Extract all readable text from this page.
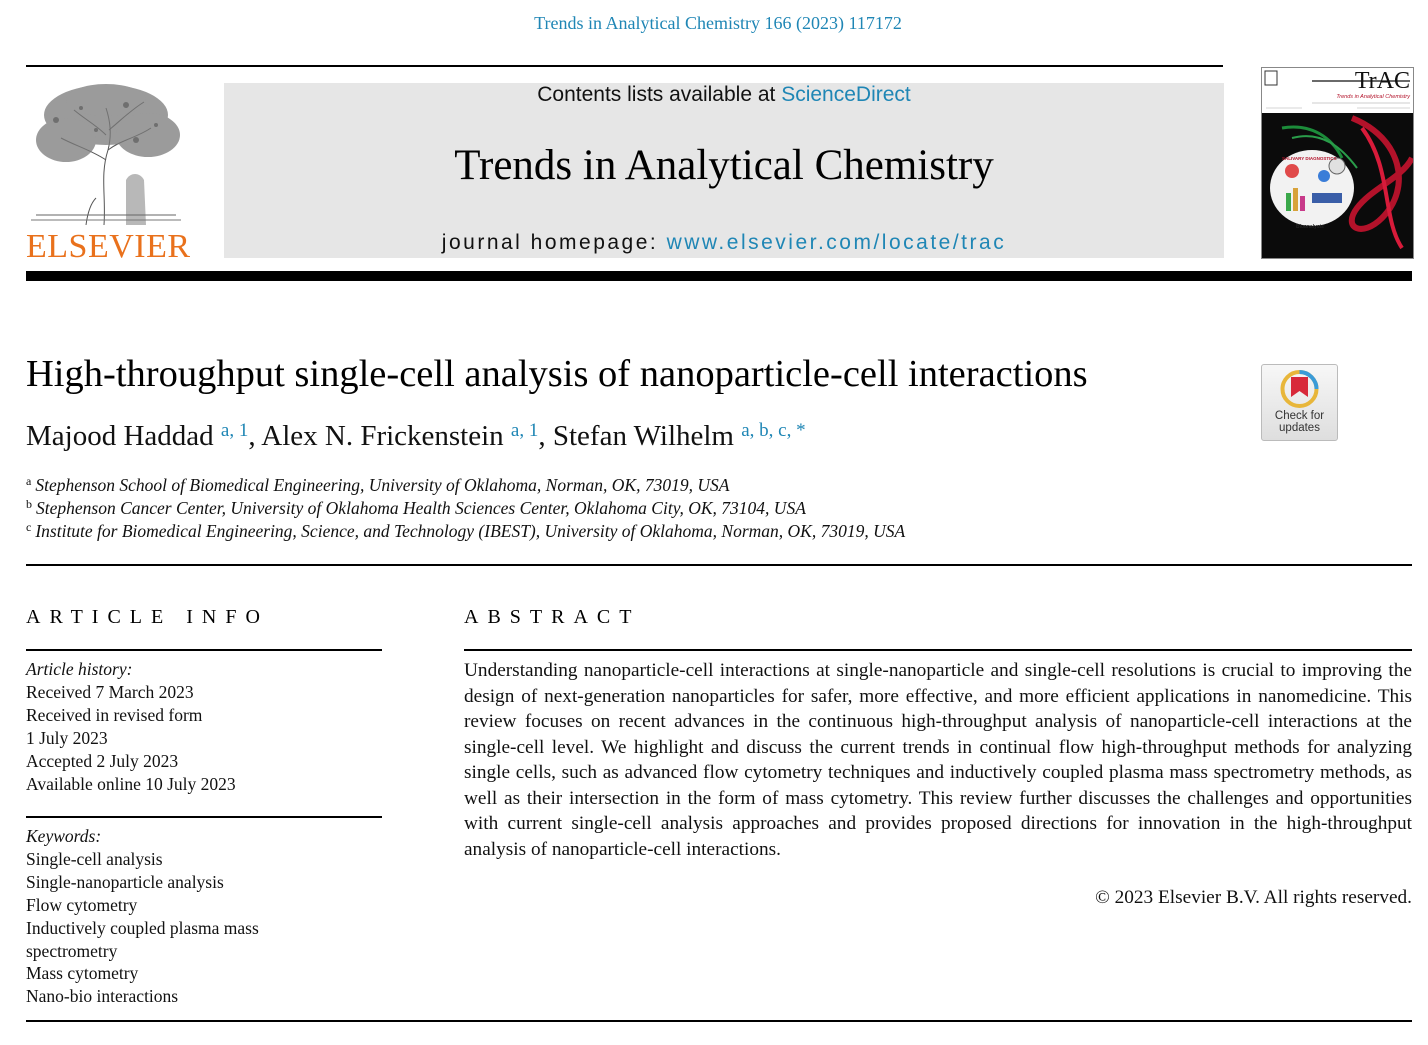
Trends in Analytical Chemistry 166 (2023) 117172
ELSEVIER
Contents lists available at ScienceDirect
Trends in Analytical Chemistry
journal homepage: www.elsevier.com/locate/trac
TrAC
Trends in Analytical Chemistry
SALIVARY DIAGNOSTICS
Bioanalysis
High-throughput single-cell analysis of nanoparticle-cell interactions
Check for
updates
Majood Haddad $^{a, 1}$, Alex N. Frickenstein $^{a, 1}$, Stefan Wilhelm $^{a, b, c, *}$
$^a$ Stephenson School of Biomedical Engineering, University of Oklahoma, Norman, OK, 73019, USA
$^b$ Stephenson Cancer Center, University of Oklahoma Health Sciences Center, Oklahoma City, OK, 73104, USA
$^c$ Institute for Biomedical Engineering, Science, and Technology (IBEST), University of Oklahoma, Norman, OK, 73019, USA
ARTICLE INFO
Article history:
Received 7 March 2023
Received in revised form
1 July 2023
Accepted 2 July 2023
Available online 10 July 2023
Keywords:
Single-cell analysis
Single-nanoparticle analysis
Flow cytometry
Inductively coupled plasma mass
spectrometry
Mass cytometry
Nano-bio interactions
ABSTRACT
Understanding nanoparticle-cell interactions at single-nanoparticle and single-cell resolutions is crucial to improving the design of next-generation nanoparticles for safer, more effective, and more efficient applications in nanomedicine. This review focuses on recent advances in the continuous high-throughput analysis of nanoparticle-cell interactions at the single-cell level. We highlight and discuss the current trends in continual flow high-throughput methods for analyzing single cells, such as advanced flow cytometry techniques and inductively coupled plasma mass spectrometry methods, as well as their intersection in the form of mass cytometry. This review further discusses the challenges and opportunities with current single-cell analysis approaches and provides proposed directions for innovation in the high-throughput analysis of nanoparticle-cell interactions.
© 2023 Elsevier B.V. All rights reserved.
